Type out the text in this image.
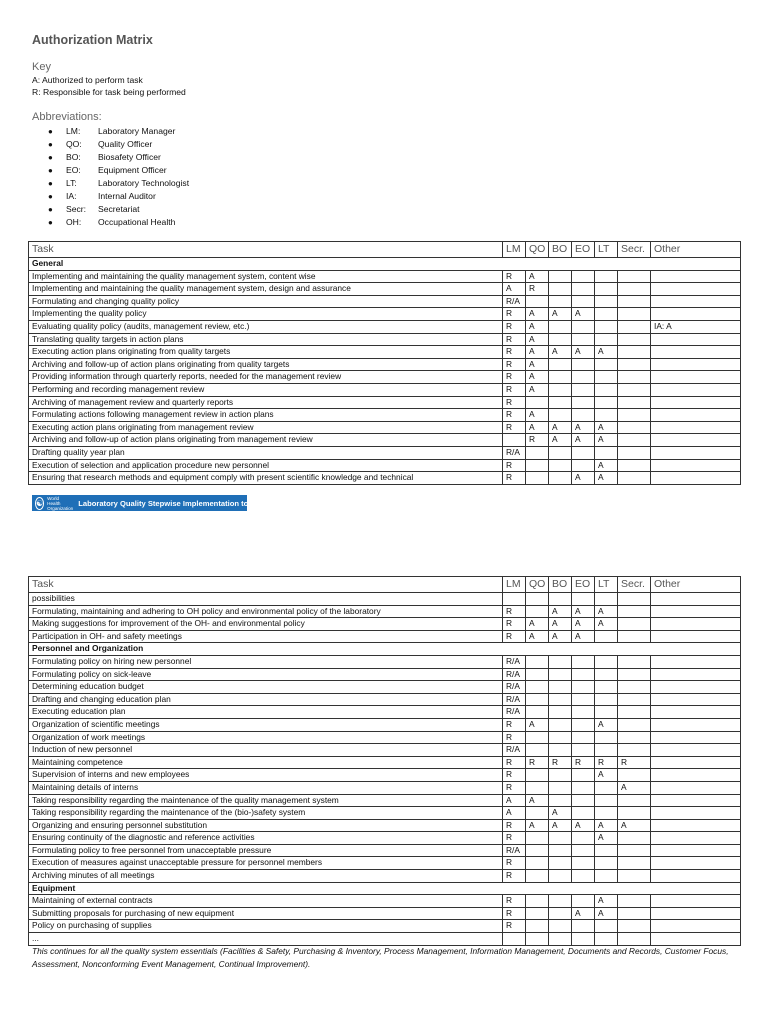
Authorization Matrix
Key
A: Authorized to perform task
R: Responsible for task being performed
Abbreviations:
● LM: Laboratory Manager
● QO: Quality Officer
● BO: Biosafety Officer
● EO: Equipment Officer
● LT: Laboratory Technologist
● IA: Internal Auditor
● Secr: Secretariat
● OH: Occupational Health
Task	LM	QO	BO	EO	LT	Secr.	Other
General							
Implementing and maintaining the quality management system, content wise	R	A					
Implementing and maintaining the quality management system, design and assurance	A	R					
Formulating and changing quality policy	R/A						
Implementing the quality policy	R	A	A	A			
Evaluating quality policy (audits, management review, etc.)	R	A					IA: A
Translating quality targets in action plans	R	A					
Executing action plans originating from quality targets	R	A	A	A	A		
Archiving and follow-up of action plans originating from quality targets	R	A					
Providing information through quarterly reports, needed for the management review	R	A					
Performing and recording management review	R	A					
Archiving of management review and quarterly reports	R						
Formulating actions following management review in action plans	R	A					
Executing action plans originating from management review	R	A	A	A	A		
Archiving and follow-up of action plans originating from management review		R	A	A	A		
Drafting quality year plan	R/A						
Execution of selection and application procedure new personnel	R				A		
Ensuring that research methods and equipment comply with present scientific knowledge and technical	R			A	A		
☯
World Health Organization
Laboratory Quality Stepwise Implementation tool
Task	LM	QO	BO	EO	LT	Secr.	Other
possibilities							
Formulating, maintaining and adhering to OH policy and environmental policy of the laboratory	R		A	A	A		
Making suggestions for improvement of the OH- and environmental policy	R	A	A	A	A		
Participation in OH- and safety meetings	R	A	A	A			
Personnel and Organization							
Formulating policy on hiring new personnel	R/A						
Formulating policy on sick-leave	R/A						
Determining education budget	R/A						
Drafting and changing education plan	R/A						
Executing education plan	R/A						
Organization of scientific meetings	R	A			A		
Organization of work meetings	R						
Induction of new personnel	R/A						
Maintaining competence	R	R	R	R	R	R	
Supervision of interns and new employees	R				A		
Maintaining details of interns	R					A	
Taking responsibility regarding the maintenance of the quality management system	A	A					
Taking responsibility regarding the maintenance of the (bio-)safety system	A		A				
Organizing and ensuring personnel substitution	R	A	A	A	A	A	
Ensuring continuity of the diagnostic and reference activities	R				A		
Formulating policy to free personnel from unacceptable pressure	R/A						
Execution of measures against unacceptable pressure for personnel members	R						
Archiving minutes of all meetings	R						
Equipment							
Maintaining of external contracts	R				A		
Submitting proposals for purchasing of new equipment	R			A	A		
Policy on purchasing of supplies	R						
...							
This continues for all the quality system essentials (Facilities & Safety, Purchasing & Inventory, Process Management, Information Management, Documents and Records, Customer Focus, Assessment, Nonconforming Event Management, Continual Improvement).
